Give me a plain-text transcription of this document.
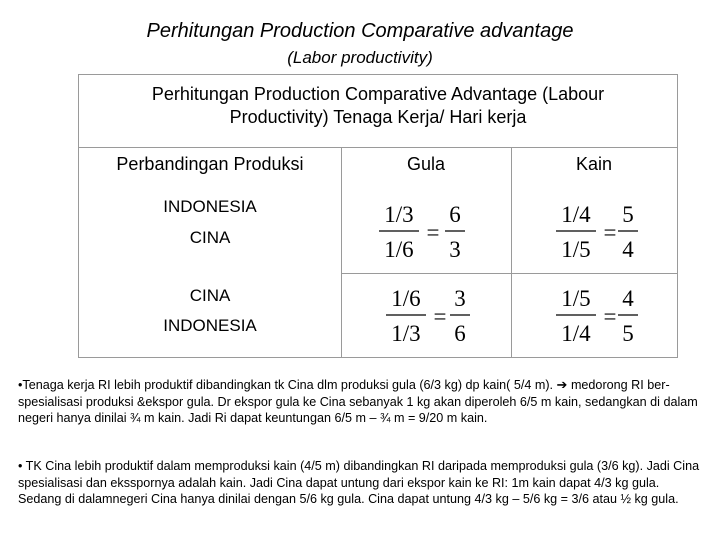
Perhitungan Production Comparative advantage
(Labor productivity)
Perhitungan Production Comparative Advantage (Labour
Productivity) Tenaga Kerja/ Hari kerja
Perbandingan Produksi	Gula	Kain
INDONESIA
CINA
1/3
1/6
=
6
3
1/4
1/5
=
5
4
CINA
INDONESIA
1/6
1/3
=
3
6
1/5
1/4
=
4
5
•Tenaga kerja RI lebih produktif dibandingkan tk Cina dlm produksi gula (6/3 kg) dp kain( 5/4 m). ➔ medorong RI ber-spesialisasi produksi &ekspor gula. Dr ekspor gula ke Cina sebanyak 1 kg akan diperoleh 6/5 m kain, sedangkan di dalam negeri hanya dinilai ¾ m kain. Jadi Ri dapat keuntungan 6/5 m – ¾ m = 9/20 m kain.
• TK Cina lebih produktif dalam memproduksi kain (4/5 m) dibandingkan RI daripada memproduksi gula (3/6 kg). Jadi Cina spesialisasi dan eksspornya adalah kain. Jadi Cina dapat untung dari ekspor kain ke RI: 1m kain dapat 4/3 kg gula. Sedang di dalamnegeri Cina hanya dinilai dengan 5/6 kg gula. Cina dapat untung 4/3 kg – 5/6 kg = 3/6 atau ½ kg gula.
